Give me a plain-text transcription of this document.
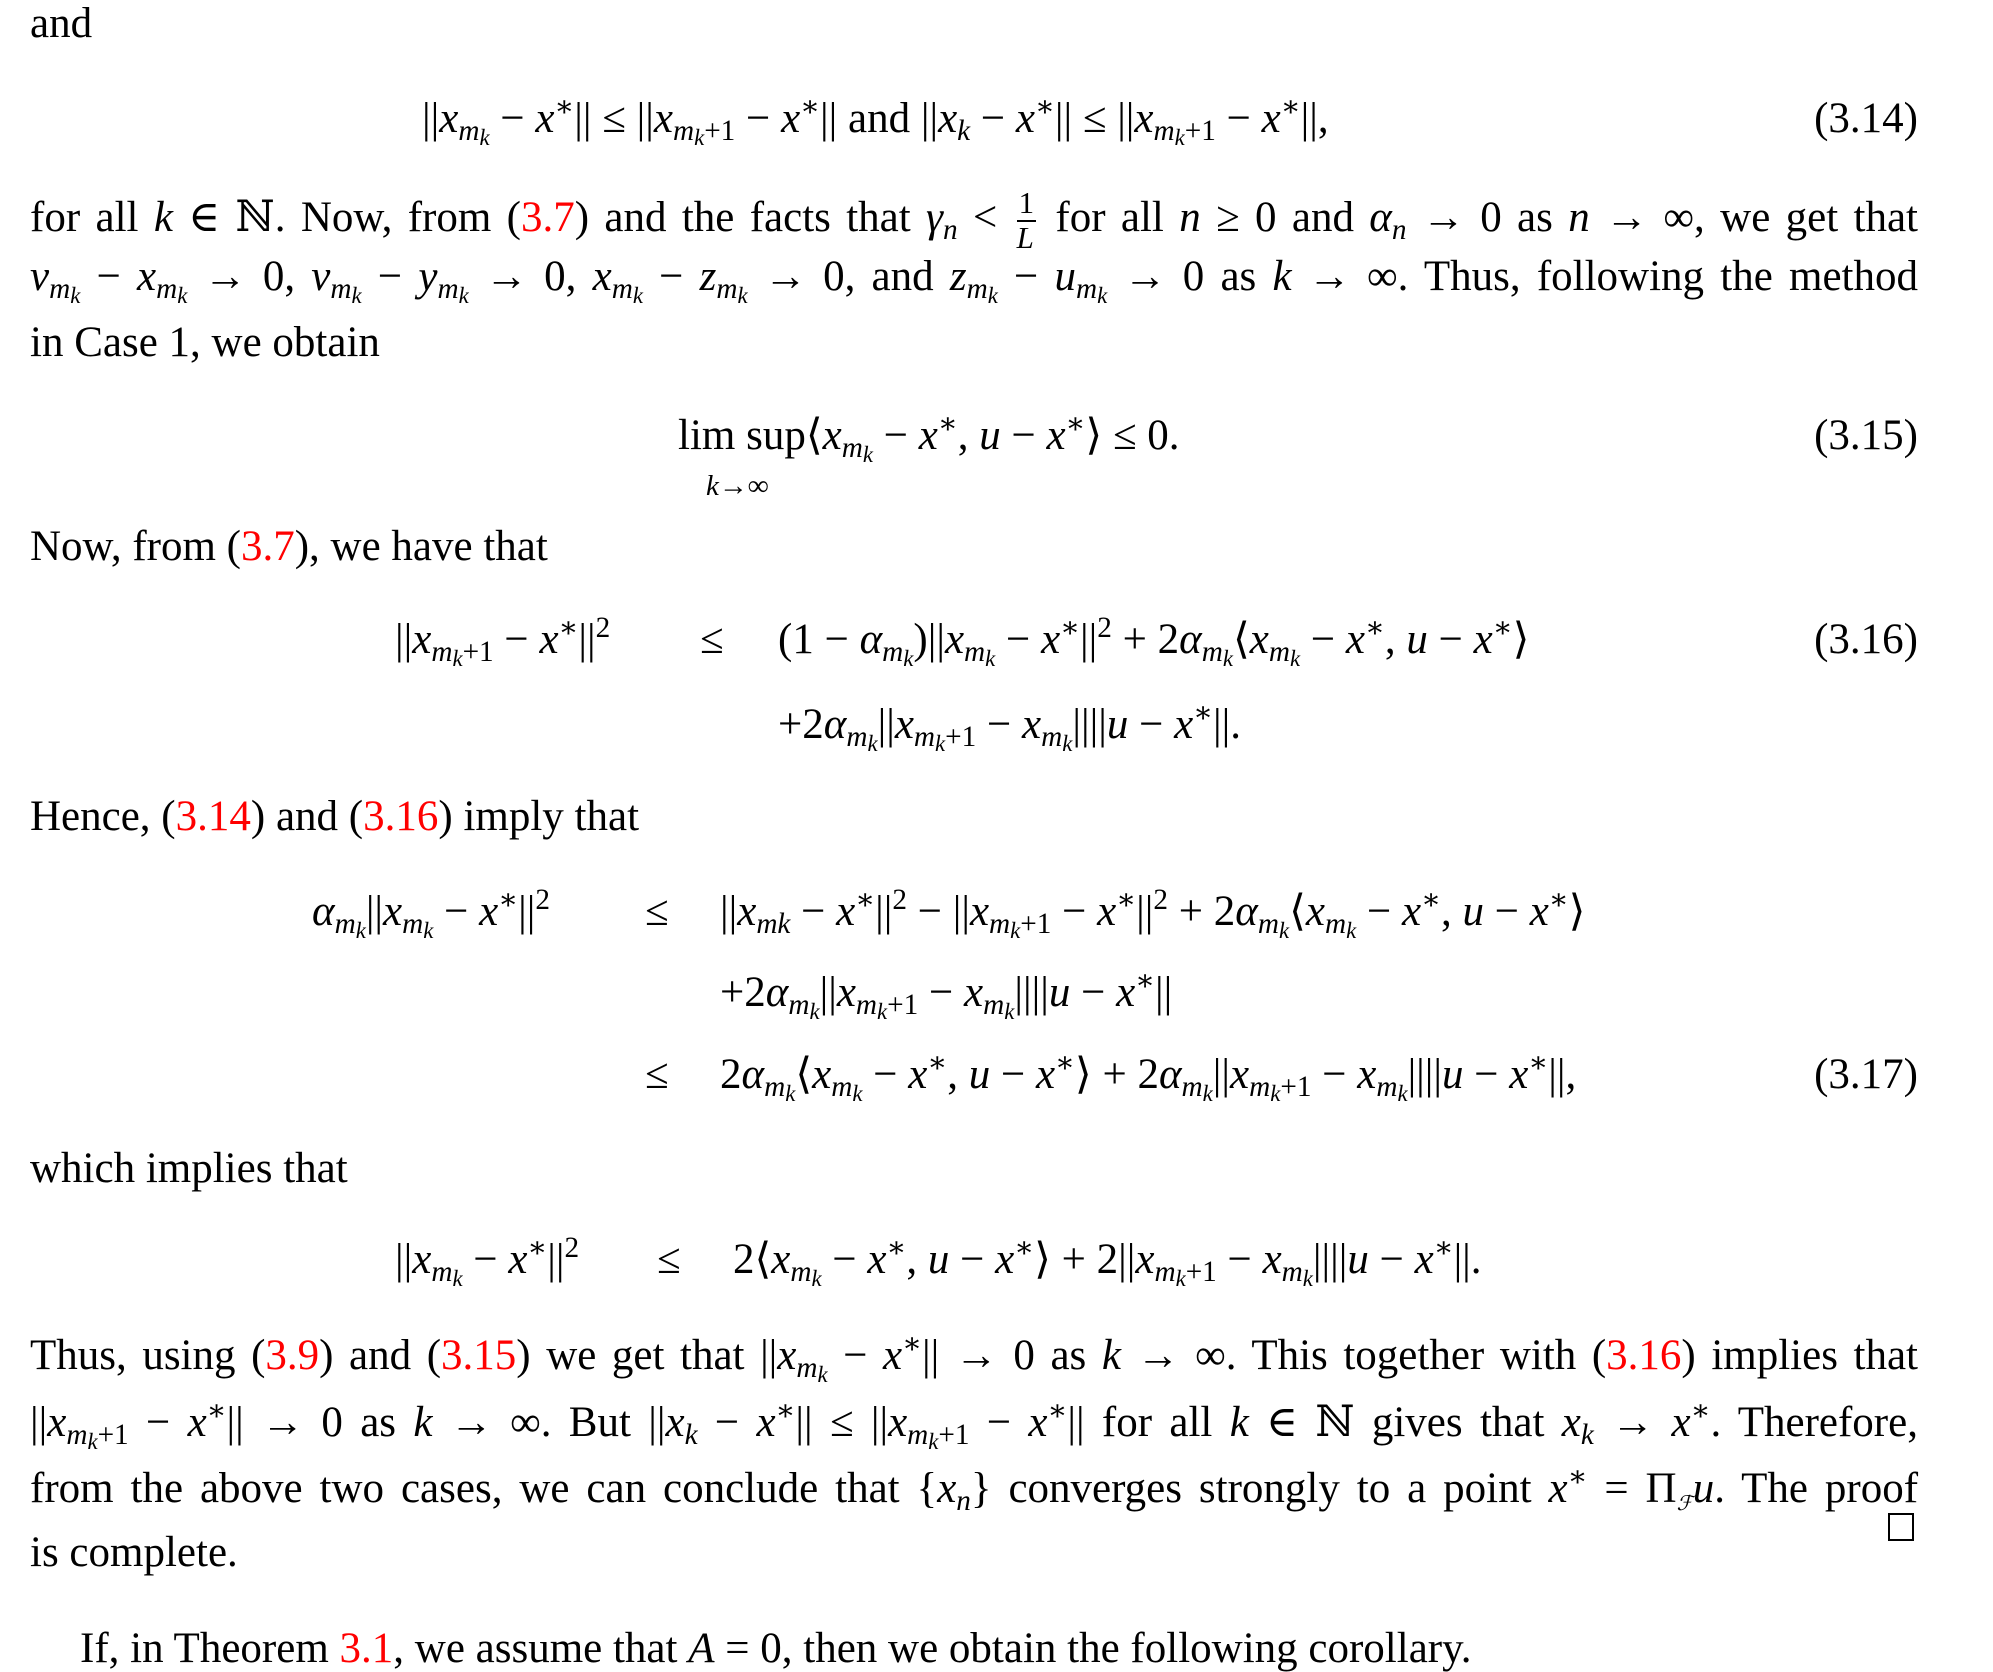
and
$||x_{m_k} - x^∗|| \le ||x_{m_k+1} - x^∗||$ and $||x_k - x^∗|| \le ||x_{m_k+1} - x^∗||$,	(3.14)
for all k ∈ ℕ. Now, from (3.7) and the facts that $\gamma_n < \frac{1}{L}$ for all n ≥ 0 and $\alpha_n \to 0$ as n → ∞, we get that
$v_{m_k} - x_{m_k} \to 0$, $v_{m_k} - y_{m_k} \to 0$, $x_{m_k} - z_{m_k} \to 0$, and $z_{m_k} - u_{m_k} \to 0$ as k → ∞. Thus, following the method
in Case 1, we obtain
$\lim sup⟨x_{m_k} - x^∗$, u − x∗⟩ ≤ 0.
k→∞
(3.15)
Now, from (3.7), we have that
$||x_{m_k+1} - x^∗||^2 \le (1 - \alpha_{m_k})||x_{m_k} - x^∗||^2$ + $2\alpha_{m_k}⟨x_{m_k} - x^∗$, u − x∗⟩
$+2\alpha_{m_k}||x_{m_k+1} - x_{m_k}||||u - x^∗||$.
(3.16)
Hence, (3.14) and (3.16) imply that
$\alpha_{m_k}||x_{m_k} - x^∗||^2 \le ||x_{mk} - x^∗||^2 - ||x_{m_k+1} - x^∗||^2$ + $2\alpha_{m_k}⟨x_{m_k} - x^∗$, u − x∗⟩
$+2\alpha_{m_k}||x_{m_k+1} - x_{m_k}||||u - x^∗||$
≤ $2\alpha_{m_k}⟨x_{m_k} - x^∗$, u − x∗⟩ + $2\alpha_{m_k}||x_{m_k+1} - x_{m_k}||||u - x^∗||$,	(3.17)
which implies that
$||x_{m_k} - x^∗||^2$ ≤ $2⟨x_{m_k} - x^∗$, u − x∗⟩ + $2||x_{m_k+1} - x_{m_k}||||u - x^∗||$.
Thus, using (3.9) and (3.15) we get that $||x_{m_k} - x^∗|| \to 0$ as k → ∞. This together with (3.16) implies that
$||x_{m_k+1} - x^∗|| \to 0$ as k → ∞. But $||x_k - x^∗|| \le ||x_{m_k+1} - x^∗||$ for all k ∈ ℕ gives that $x_k \to x^∗$. Therefore,
from the above two cases, we can conclude that $\{x_n\}$ converges strongly to a point $x^∗ = \Pi_ℱu$. The proof
is complete.
If, in Theorem 3.1, we assume that A = 0, then we obtain the following corollary.
